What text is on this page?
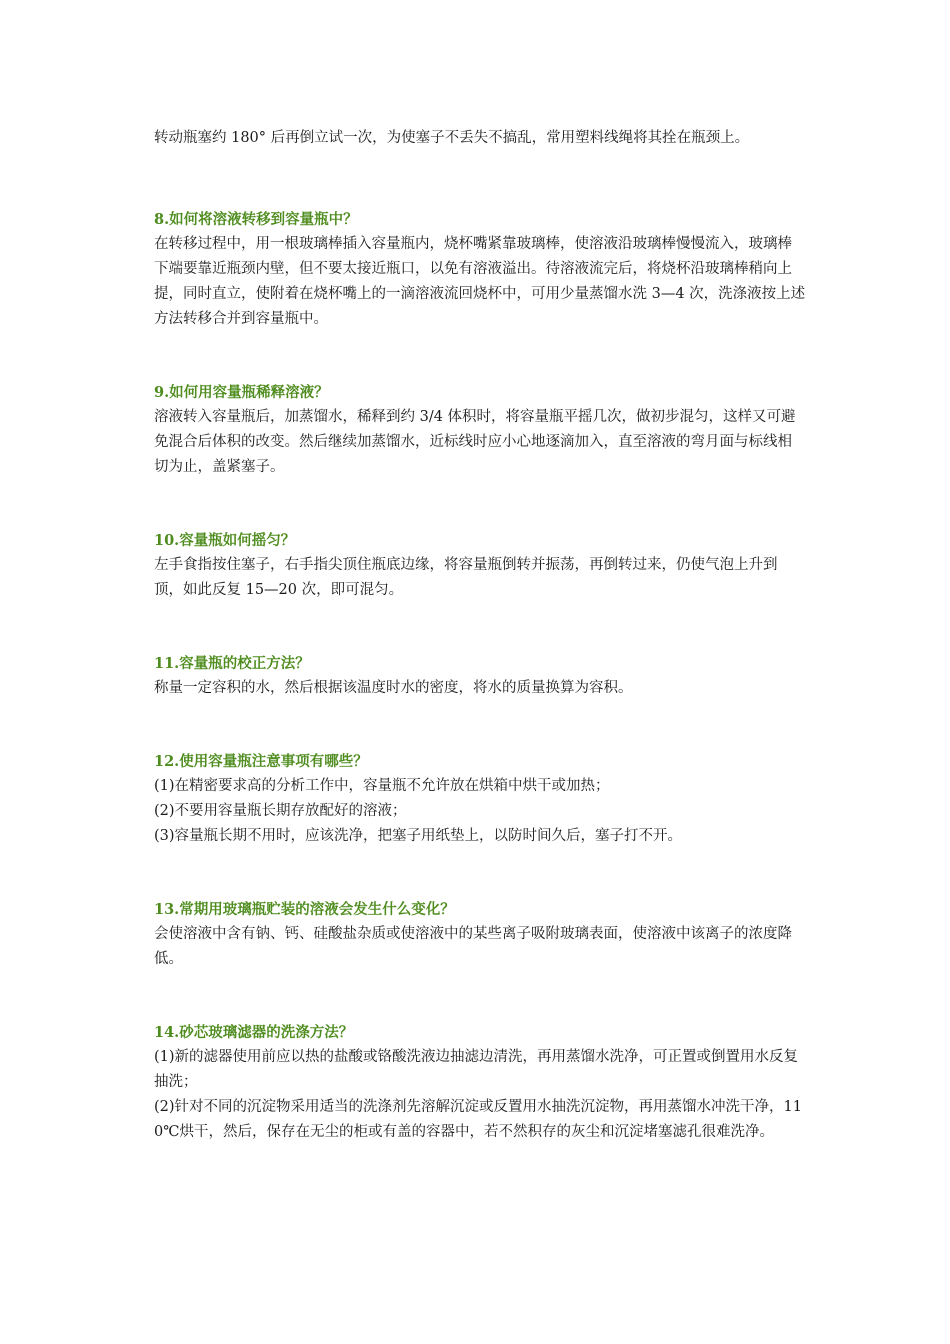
转动瓶塞约 180° 后再倒立试一次，为使塞子不丢失不搞乱，常用塑料线绳将其拴在瓶颈上。

8.如何将溶液转移到容量瓶中？

在转移过程中，用一根玻璃棒插入容量瓶内，烧杯嘴紧靠玻璃棒，使溶液沿玻璃棒慢慢流入，玻璃棒下端要靠近瓶颈内壁，但不要太接近瓶口，以免有溶液溢出。待溶液流完后，将烧杯沿玻璃棒稍向上提，同时直立，使附着在烧杯嘴上的一滴溶液流回烧杯中，可用少量蒸馏水洗 3—4 次，洗涤液按上述方法转移合并到容量瓶中。

9.如何用容量瓶稀释溶液？

溶液转入容量瓶后，加蒸馏水，稀释到约 3/4 体积时，将容量瓶平摇几次，做初步混匀，这样又可避免混合后体积的改变。然后继续加蒸馏水，近标线时应小心地逐滴加入，直至溶液的弯月面与标线相切为止，盖紧塞子。

10.容量瓶如何摇匀？

左手食指按住塞子，右手指尖顶住瓶底边缘，将容量瓶倒转并振荡，再倒转过来，仍使气泡上升到顶，如此反复 15—20 次，即可混匀。

11.容量瓶的校正方法？

称量一定容积的水，然后根据该温度时水的密度，将水的质量换算为容积。

12.使用容量瓶注意事项有哪些？

(1)在精密要求高的分析工作中，容量瓶不允许放在烘箱中烘干或加热；

(2)不要用容量瓶长期存放配好的溶液；

(3)容量瓶长期不用时，应该洗净，把塞子用纸垫上，以防时间久后，塞子打不开。

13.常期用玻璃瓶贮装的溶液会发生什么变化？

会使溶液中含有钠、钙、硅酸盐杂质或使溶液中的某些离子吸附玻璃表面，使溶液中该离子的浓度降低。

14.砂芯玻璃滤器的洗涤方法？

(1)新的滤器使用前应以热的盐酸或铬酸洗液边抽滤边清洗，再用蒸馏水洗净，可正置或倒置用水反复抽洗；

(2)针对不同的沉淀物采用适当的洗涤剂先溶解沉淀或反置用水抽洗沉淀物，再用蒸馏水冲洗干净，110℃烘干，然后，保存在无尘的柜或有盖的容器中，若不然积存的灰尘和沉淀堵塞滤孔很难洗净。
